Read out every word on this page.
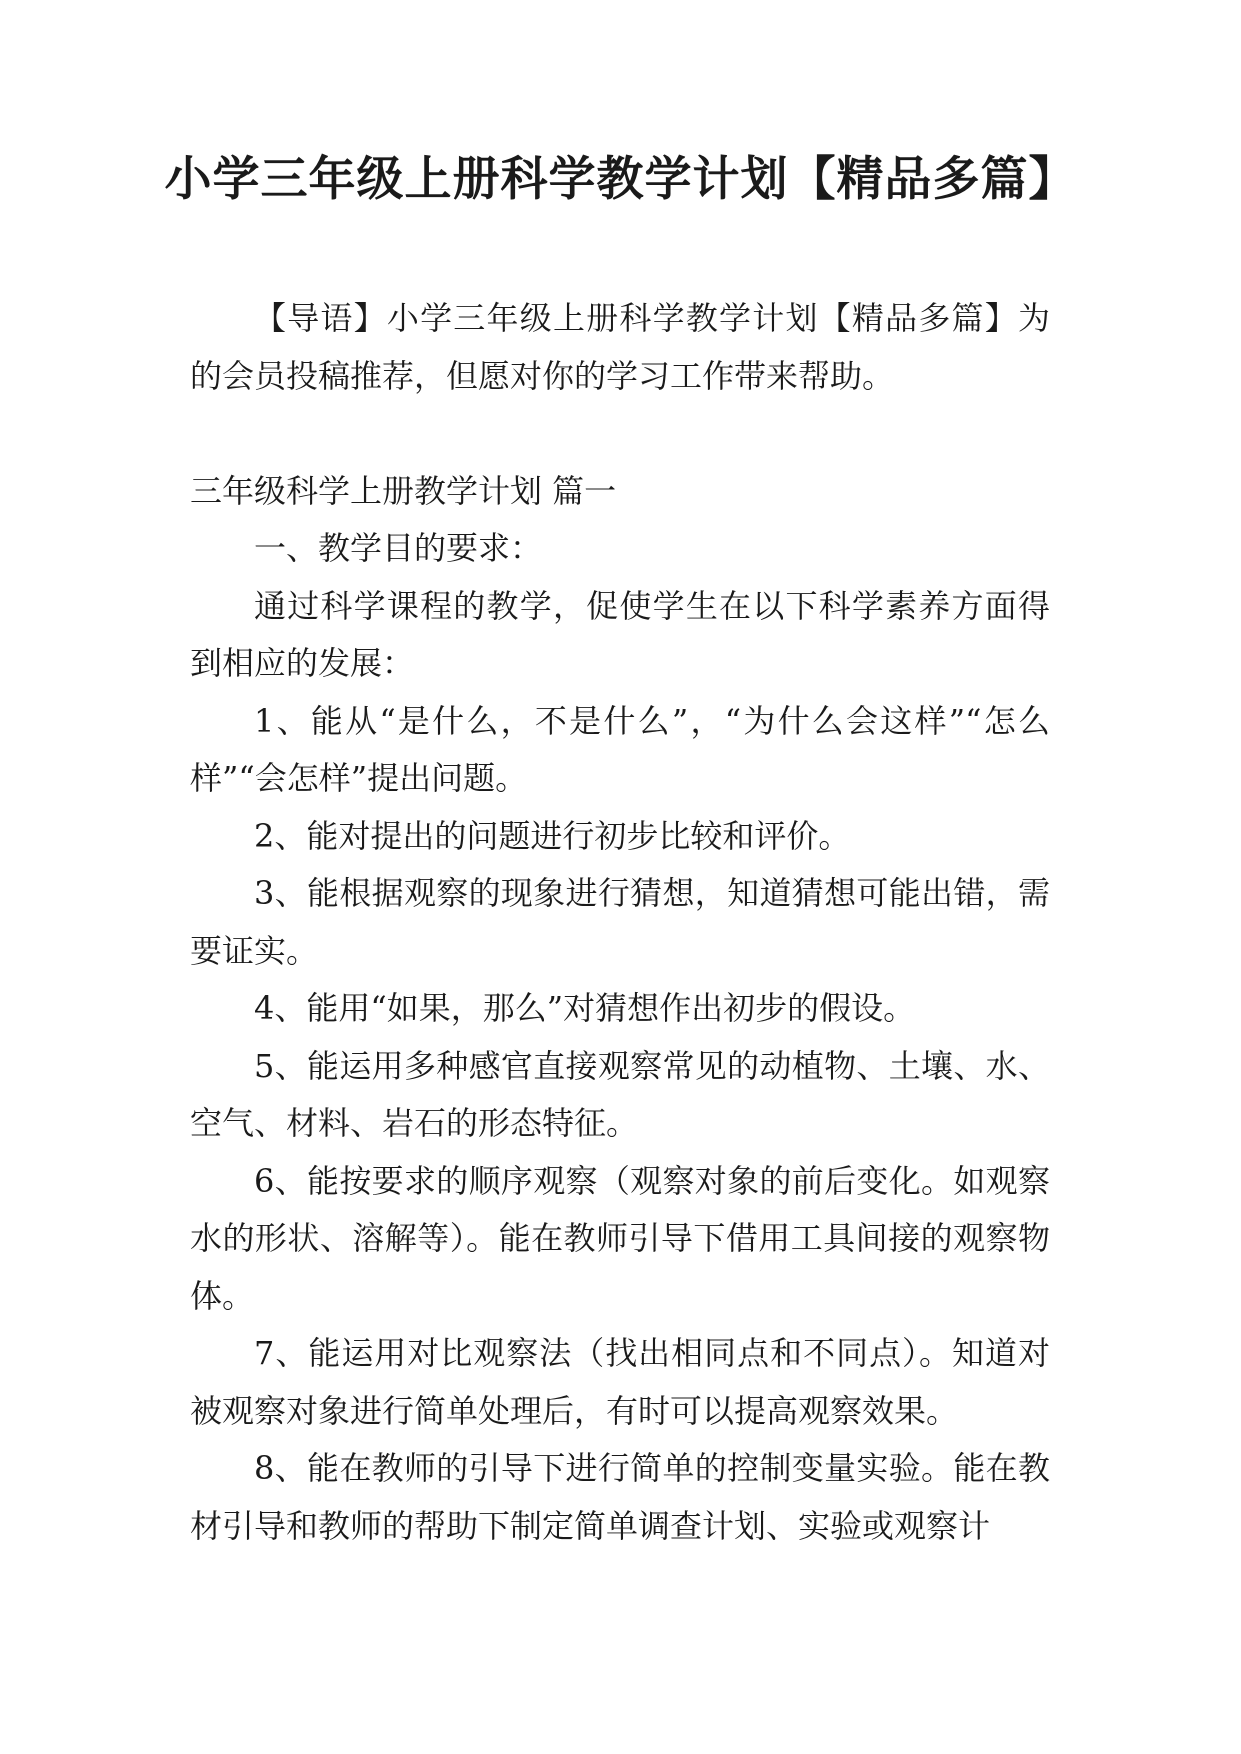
小学三年级上册科学教学计划【精品多篇】

【导语】小学三年级上册科学教学计划【精品多篇】为的会员投稿推荐，但愿对你的学习工作带来帮助。

三年级科学上册教学计划 篇一

一、教学目的要求：

通过科学课程的教学，促使学生在以下科学素养方面得到相应的发展：

1、能从“是什么，不是什么”，“为什么会这样”“怎么样”“会怎样”提出问题。

2、能对提出的问题进行初步比较和评价。

3、能根据观察的现象进行猜想，知道猜想可能出错，需要证实。

4、能用“如果，那么”对猜想作出初步的假设。

5、能运用多种感官直接观察常见的动植物、土壤、水、空气、材料、岩石的形态特征。

6、能按要求的顺序观察（观察对象的前后变化。如观察水的形状、溶解等）。能在教师引导下借用工具间接的观察物体。

7、能运用对比观察法（找出相同点和不同点）。知道对被观察对象进行简单处理后，有时可以提高观察效果。

8、能在教师的引导下进行简单的控制变量实验。能在教材引导和教师的帮助下制定简单调查计划、实验或观察计
